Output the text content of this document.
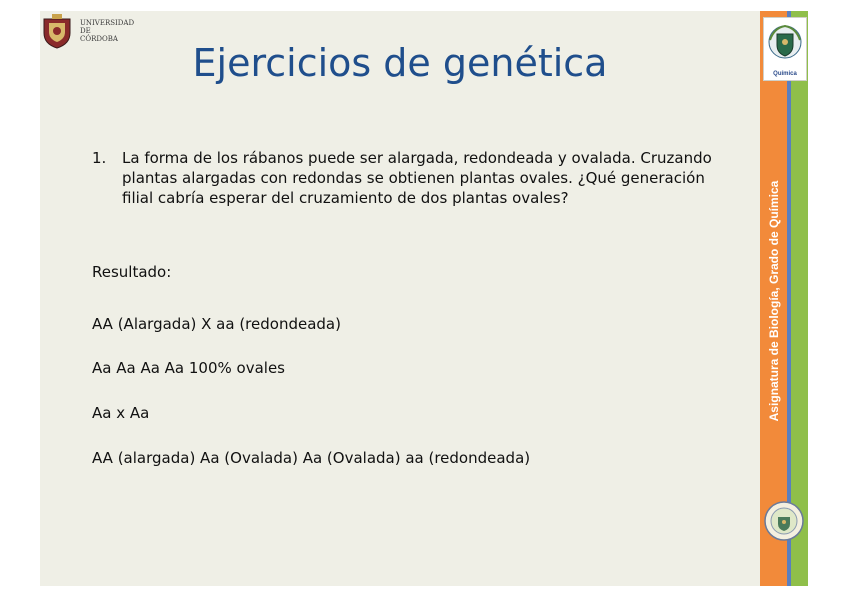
UNIVERSIDAD
DE
CÓRDOBA
Ejercicios de genética
1.	La forma de los rábanos puede ser alargada, redondeada y ovalada. Cruzando plantas alargadas con redondas se obtienen plantas ovales. ¿Qué generación filial cabría esperar del cruzamiento de dos plantas ovales?
Resultado:
AA (Alargada) X aa (redondeada)
Aa Aa Aa Aa 100% ovales
Aa x Aa
AA (alargada) Aa (Ovalada) Aa (Ovalada) aa (redondeada)
Asignatura de Biología, Grado de Química
Química
